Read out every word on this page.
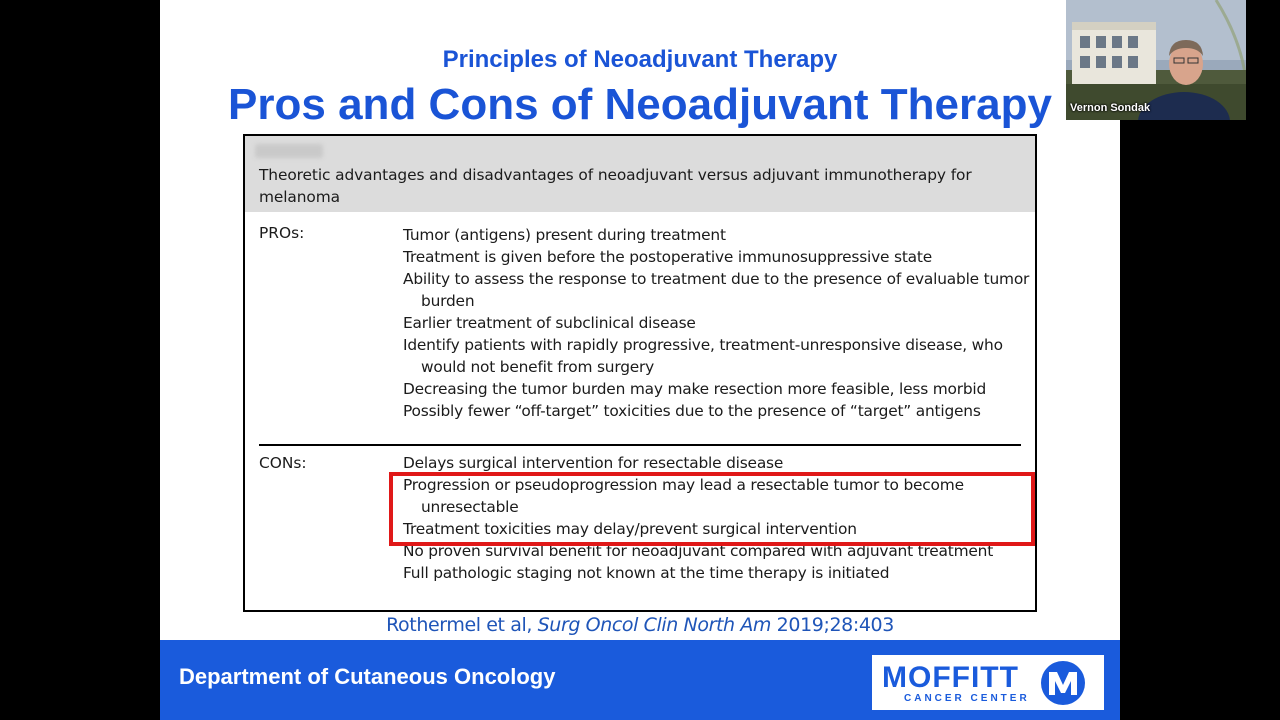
Principles of Neoadjuvant Therapy
Pros and Cons of Neoadjuvant Therapy
Theoretic advantages and disadvantages of neoadjuvant versus adjuvant immunotherapy for melanoma
PROs:	Tumor (antigens) present during treatment
Treatment is given before the postoperative immunosuppressive state
Ability to assess the response to treatment due to the presence of evaluable tumor burden
Earlier treatment of subclinical disease
Identify patients with rapidly progressive, treatment-unresponsive disease, who would not benefit from surgery
Decreasing the tumor burden may make resection more feasible, less morbid
Possibly fewer “off-target” toxicities due to the presence of “target” antigens
CONs:	Delays surgical intervention for resectable disease
Progression or pseudoprogression may lead a resectable tumor to become unresectable
Treatment toxicities may delay/prevent surgical intervention
No proven survival benefit for neoadjuvant compared with adjuvant treatment
Full pathologic staging not known at the time therapy is initiated
Rothermel et al, Surg Oncol Clin North Am 2019;28:403
Department of Cutaneous Oncology	MOFFITT
CANCER CENTER
Vernon Sondak
